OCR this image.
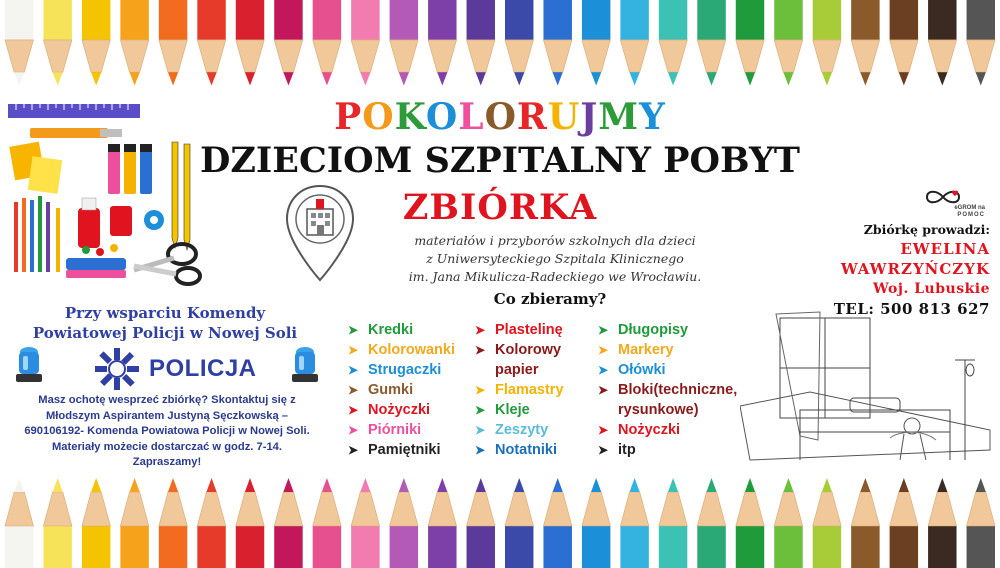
POKOLORUJMY
DZIECIOM SZPITALNY POBYT
ZBIÓRKA
materiałów i przyborów szkolnych dla dzieci
z Uniwersyteckiego Szpitala Klinicznego
im. Jana Mikulicza-Radeckiego we Wrocławiu.
Co zbieramy?
➤ Kredki
➤ Kolorowanki
➤ Strugaczki
➤ Gumki
➤ Nożyczki
➤ Piórniki
➤ Pamiętniki
➤ Plastelinę
➤ Kolorowy
papier
➤ Flamastry
➤ Kleje
➤ Zeszyty
➤ Notatniki
➤ Długopisy
➤ Markery
➤ Ołówki
➤ Bloki(techniczne,
rysunkowe)
➤ Nożyczki
➤ itp
Przy wsparciu Komendy
Powiatowej Policji w Nowej Soli
POLICJA
Masz ochotę wesprzeć zbiórkę? Skontaktuj się z
Młodszym Aspirantem Justyną Sęczkowską –
690106192- Komenda Powiatowa Policji w Nowej Soli.
Materiały możecie dostarczać w godz. 7-14.
Zapraszamy!
eGROM na
POMOC
Zbiórkę prowadzi:
EWELINA
WAWRZYŃCZYK
Woj. Lubuskie
TEL: 500 813 627
